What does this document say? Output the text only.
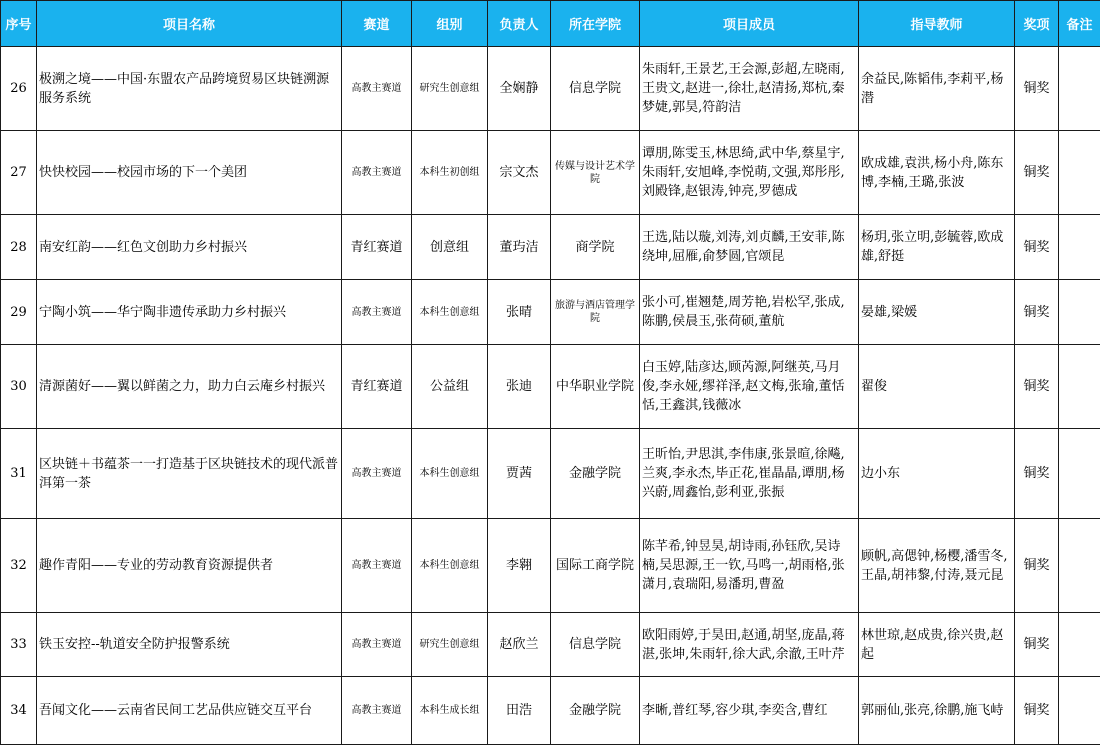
序号	项目名称	赛道	组别	负责人	所在学院	项目成员	指导教师	奖项	备注
26	极溯之境——中国·东盟农产品跨境贸易区块链溯源服务系统	高教主赛道	研究生创意组	全娴静	信息学院	朱雨轩,王景艺,王会源,彭超,左晓雨,王贵文,赵进一,徐壮,赵清扬,郑杭,秦梦婕,郭昊,符韵洁	余益民,陈韬伟,李莉平,杨潜	铜奖	
27	快快校园——校园市场的下一个美团	高教主赛道	本科生初创组	宗文杰	传媒与设计艺术学院	谭朋,陈雯玉,林思绮,武中华,蔡星宇,朱雨轩,安旭峰,李悦萌,文强,郑彤彤,刘殿锋,赵银涛,钟亮,罗德成	欧成雄,袁洪,杨小舟,陈东博,李楠,王璐,张波	铜奖	
28	南安红韵——红色文创助力乡村振兴	青红赛道	创意组	董玙洁	商学院	王选,陆以璇,刘涛,刘贞麟,王安菲,陈绕坤,屈雁,俞梦圆,官颂昆	杨玥,张立明,彭毓蓉,欧成雄,舒挺	铜奖	
29	宁陶小筑——华宁陶非遗传承助力乡村振兴	高教主赛道	本科生创意组	张晴	旅游与酒店管理学院	张小可,崔翘楚,周芳艳,岩松罕,张成,陈鹏,侯晨玉,张荷硕,董航	晏雄,梁媛	铜奖	
30	清源菌好——翼以鲜菌之力，助力白云庵乡村振兴	青红赛道	公益组	张迪	中华职业学院	白玉婷,陆彦达,顾芮源,阿继英,马月俊,李永娅,缪祥泽,赵文梅,张瑜,董恬恬,王鑫淇,钱薇冰	翟俊	铜奖	
31	区块链＋书蕴茶一一打造基于区块链技术的现代派普洱第一茶	高教主赛道	本科生创意组	贾茜	金融学院	王昕怡,尹思淇,李伟康,张景暄,徐飚,兰爽,李永杰,毕正花,崔晶晶,谭朋,杨兴蔚,周鑫怡,彭利亚,张振	边小东	铜奖	
32	趣作青阳——专业的劳动教育资源提供者	高教主赛道	本科生创意组	李翱	国际工商学院	陈芊希,钟昱昊,胡诗雨,孙钰欣,吴诗楠,吴思源,王一钦,马鸣一,胡雨格,张潇月,袁瑞阳,易潘玥,曹盈	顾帆,高偲钟,杨樱,潘雪冬,王晶,胡祎黎,付涛,聂元昆	铜奖	
33	铁玉安控--轨道安全防护报警系统	高教主赛道	研究生创意组	赵欣兰	信息学院	欧阳雨婷,于昊田,赵通,胡坚,庞晶,蒋湛,张坤,朱雨轩,徐大武,余澈,王叶芹	林世琼,赵成贵,徐兴贵,赵起	铜奖	
34	吾闻文化——云南省民间工艺品供应链交互平台	高教主赛道	本科生成长组	田浩	金融学院	李晰,普红琴,容少琪,李奕含,曹红	郭丽仙,张亮,徐鹏,施飞峙	铜奖	
